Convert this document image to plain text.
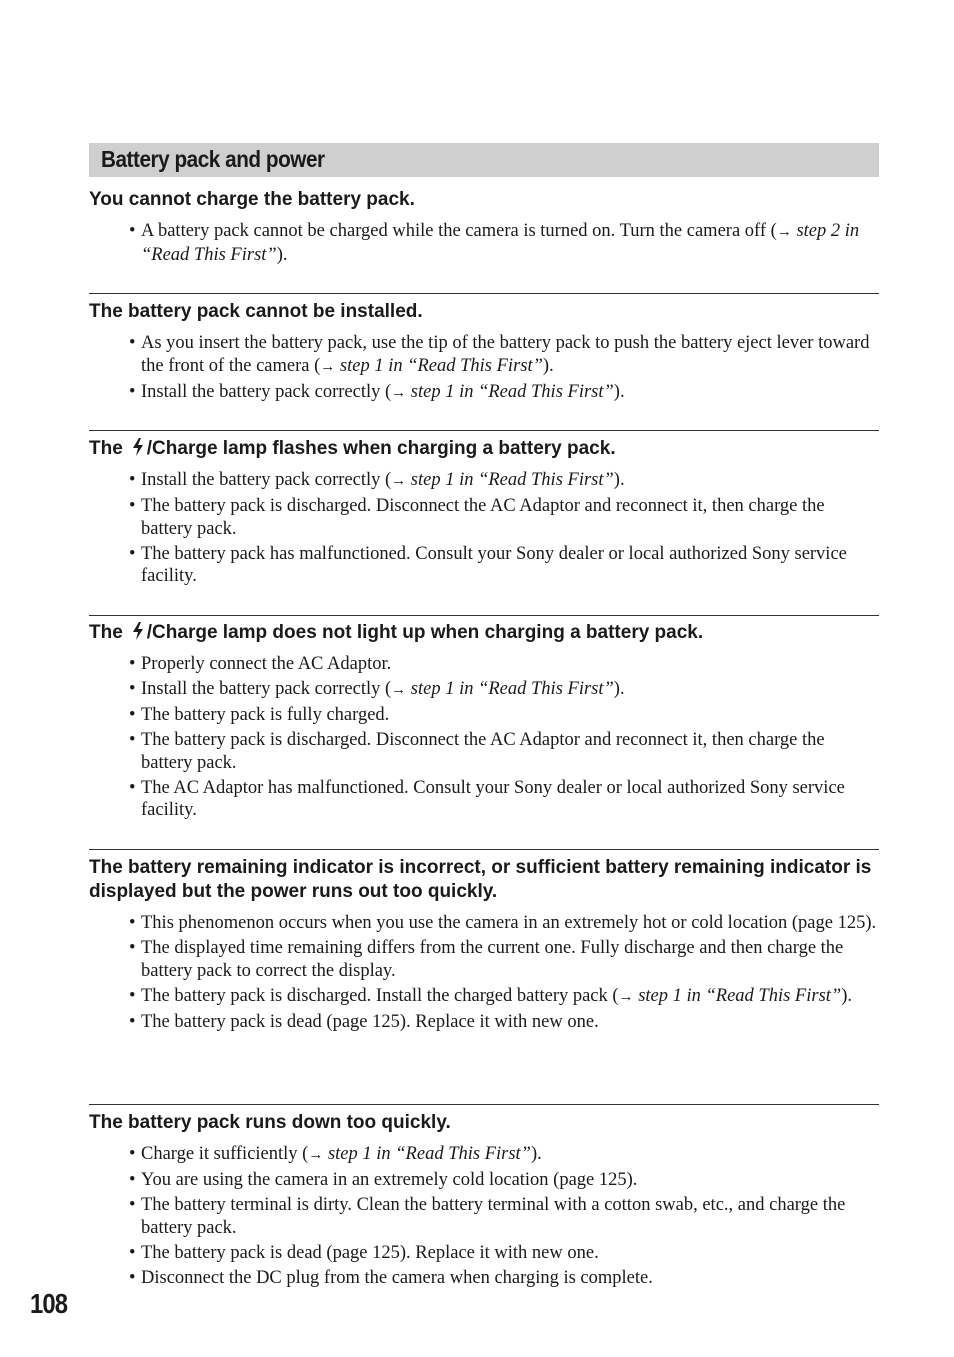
Battery pack and power
You cannot charge the battery pack.
• A battery pack cannot be charged while the camera is turned on. Turn the camera off (→ step 2 in “Read This First”).
The battery pack cannot be installed.
• As you insert the battery pack, use the tip of the battery pack to push the battery eject lever toward the front of the camera (→ step 1 in “Read This First”).
• Install the battery pack correctly (→ step 1 in “Read This First”).
The /Charge lamp flashes when charging a battery pack.
• Install the battery pack correctly (→ step 1 in “Read This First”).
• The battery pack is discharged. Disconnect the AC Adaptor and reconnect it, then charge the battery pack.
• The battery pack has malfunctioned. Consult your Sony dealer or local authorized Sony service facility.
The /Charge lamp does not light up when charging a battery pack.
• Properly connect the AC Adaptor.
• Install the battery pack correctly (→ step 1 in “Read This First”).
• The battery pack is fully charged.
• The battery pack is discharged. Disconnect the AC Adaptor and reconnect it, then charge the battery pack.
• The AC Adaptor has malfunctioned. Consult your Sony dealer or local authorized Sony service facility.
The battery remaining indicator is incorrect, or sufficient battery remaining indicator is displayed but the power runs out too quickly.
• This phenomenon occurs when you use the camera in an extremely hot or cold location (page 125).
• The displayed time remaining differs from the current one. Fully discharge and then charge the battery pack to correct the display.
• The battery pack is discharged. Install the charged battery pack (→ step 1 in “Read This First”).
• The battery pack is dead (page 125). Replace it with new one.
The battery pack runs down too quickly.
• Charge it sufficiently (→ step 1 in “Read This First”).
• You are using the camera in an extremely cold location (page 125).
• The battery terminal is dirty. Clean the battery terminal with a cotton swab, etc., and charge the battery pack.
• The battery pack is dead (page 125). Replace it with new one.
• Disconnect the DC plug from the camera when charging is complete.
108
